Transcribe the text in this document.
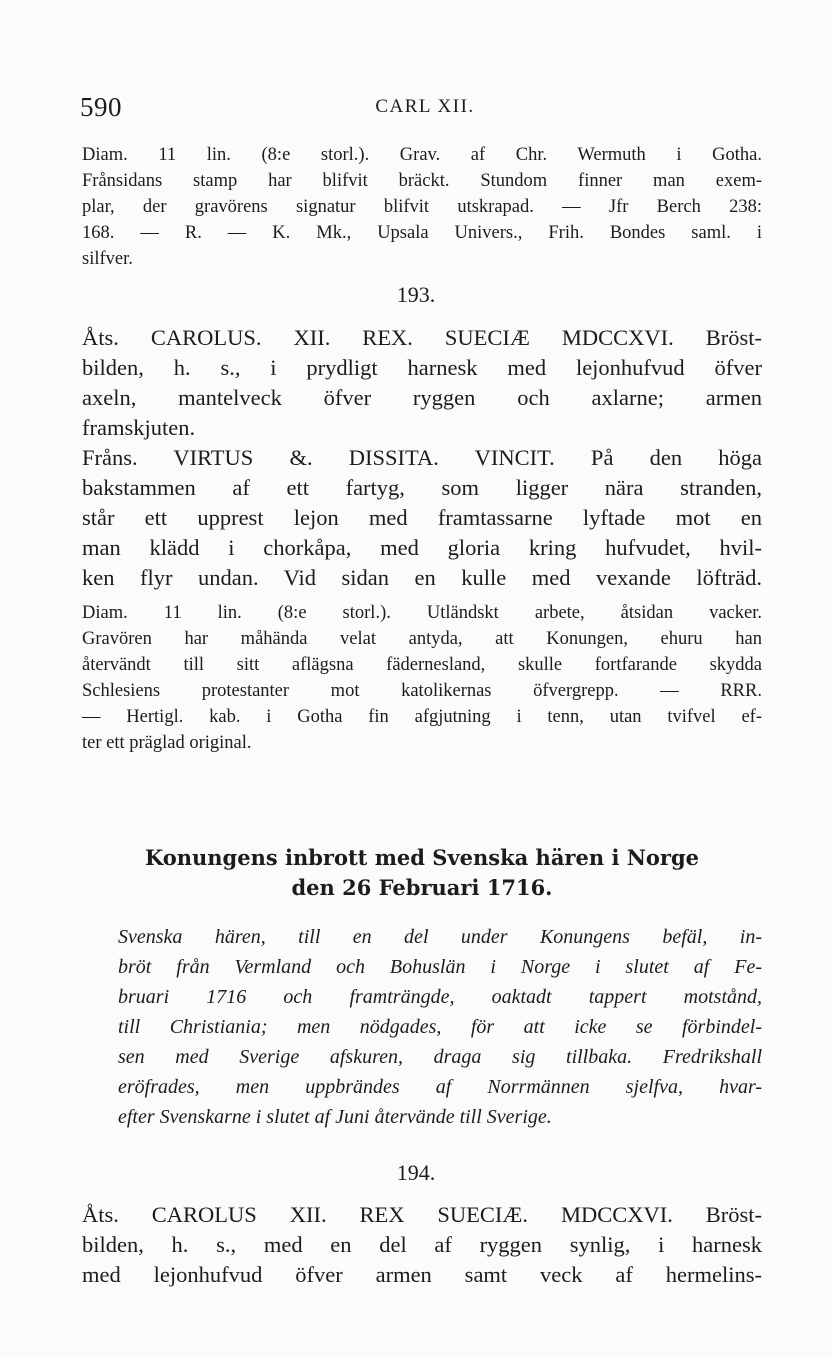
590	CARL XII.
Diam. 11 lin. (8:e storl.). Grav. af Chr. Wermuth i Gotha.
Frånsidans stamp har blifvit bräckt. Stundom finner man exem-
plar, der gravörens signatur blifvit utskrapad. — Jfr Berch 238:
168. — R. — K. Mk., Upsala Univers., Frih. Bondes saml. i
silfver.
193.
Åts. CAROLUS. XII. REX. SUECIÆ MDCCXVI. Bröst-
bilden, h. s., i prydligt harnesk med lejonhufvud öfver
axeln, mantelveck öfver ryggen och axlarne; armen
framskjuten.
Fråns. VIRTUS &. DISSITA. VINCIT. På den höga
bakstammen af ett fartyg, som ligger nära stranden,
står ett upprest lejon med framtassarne lyftade mot en
man klädd i chorkåpa, med gloria kring hufvudet, hvil-
ken flyr undan. Vid sidan en kulle med vexande löfträd.
Diam. 11 lin. (8:e storl.). Utländskt arbete, åtsidan vacker.
Gravören har måhända velat antyda, att Konungen, ehuru han
återvändt till sitt aflägsna fädernesland, skulle fortfarande skydda
Schlesiens protestanter mot katolikernas öfvergrepp. — RRR.
— Hertigl. kab. i Gotha fin afgjutning i tenn, utan tvifvel ef-
ter ett präglad original.
Konungens inbrott med Svenska hären i Norge
den 26 Februari 1716.
Svenska hären, till en del under Konungens befäl, in-
bröt från Vermland och Bohuslän i Norge i slutet af Fe-
bruari 1716 och framträngde, oaktadt tappert motstånd,
till Christiania; men nödgades, för att icke se förbindel-
sen med Sverige afskuren, draga sig tillbaka. Fredrikshall
eröfrades, men uppbrändes af Norrmännen sjelfva, hvar-
efter Svenskarne i slutet af Juni återvände till Sverige.
194.
Åts. CAROLUS XII. REX SUECIÆ. MDCCXVI. Bröst-
bilden, h. s., med en del af ryggen synlig, i harnesk
med lejonhufvud öfver armen samt veck af hermelins-
